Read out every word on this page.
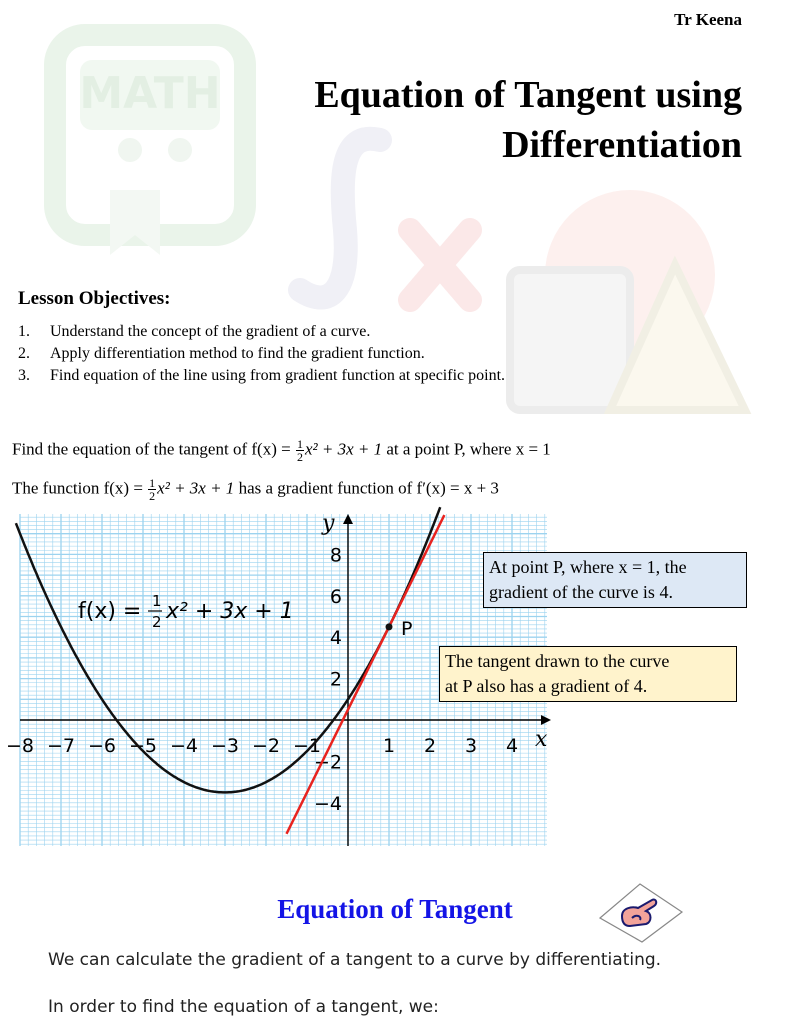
MATH
Tr Keena
Equation of Tangent using
Differentiation
Lesson Objectives:
1. Understand the concept of the gradient of a curve.
2. Apply differentiation method to find the gradient function.
3. Find equation of the line using from gradient function at specific point.
Find the equation of the tangent of $f(x) = \frac{1}{2} x^2 + 3x + 1$ at a point P, where x = 1
The function $f(x) = \frac{1}{2} x^2 + 3x + 1$ has a gradient function of f′(x) = x + 3
−8 −7 −6 −5 −4 −3 −2 −1	1 2 3 4
8
6
4
2
−2
−4
P
x
y
f(x) = 1
2 x² + 3x + 1
At point P, where x = 1, the
gradient of the curve is 4.
The tangent drawn to the curve
at P also has a gradient of 4.
Equation of Tangent
We can calculate the gradient of a tangent to a curve by differentiating.
In order to find the equation of a tangent, we:
